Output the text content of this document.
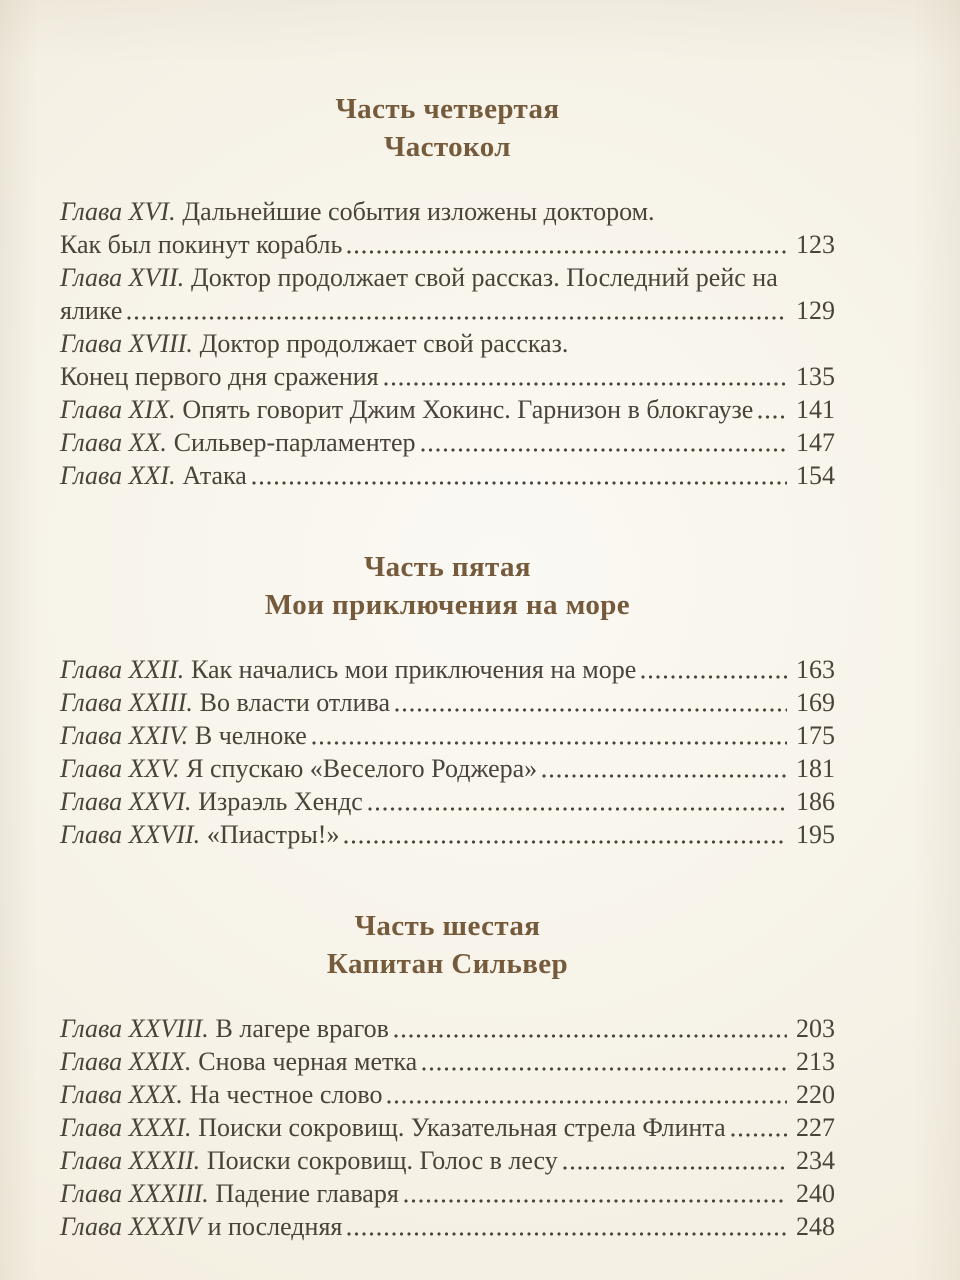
Часть четвертая
Частокол
Глава XVI. Дальнейшие события изложены доктором.
Как был покинут корабль	123
Глава XVII. Доктор продолжает свой рассказ. Последний рейс на
ялике	129
Глава XVIII. Доктор продолжает свой рассказ.
Конец первого дня сражения	135
Глава XIX. Опять говорит Джим Хокинс. Гарнизон в блокгаузе 141
Глава XX. Сильвер-парламентер	147
Глава XXI. Атака	154
Часть пятая
Мои приключения на море
Глава XXII. Как начались мои приключения на море	163
Глава XXIII. Во власти отлива	169
Глава XXIV. В челноке	175
Глава XXV. Я спускаю «Веселого Роджера»	181
Глава XXVI. Израэль Хендс	186
Глава XXVII. «Пиастры!»	195
Часть шестая
Капитан Сильвер
Глава XXVIII. В лагере врагов	203
Глава XXIX. Снова черная метка	213
Глава XXX. На честное слово	220
Глава XXXI. Поиски сокровищ. Указательная стрела Флинта	227
Глава XXXII. Поиски сокровищ. Голос в лесу	234
Глава XXXIII. Падение главаря	240
Глава XXXIV и последняя	248
